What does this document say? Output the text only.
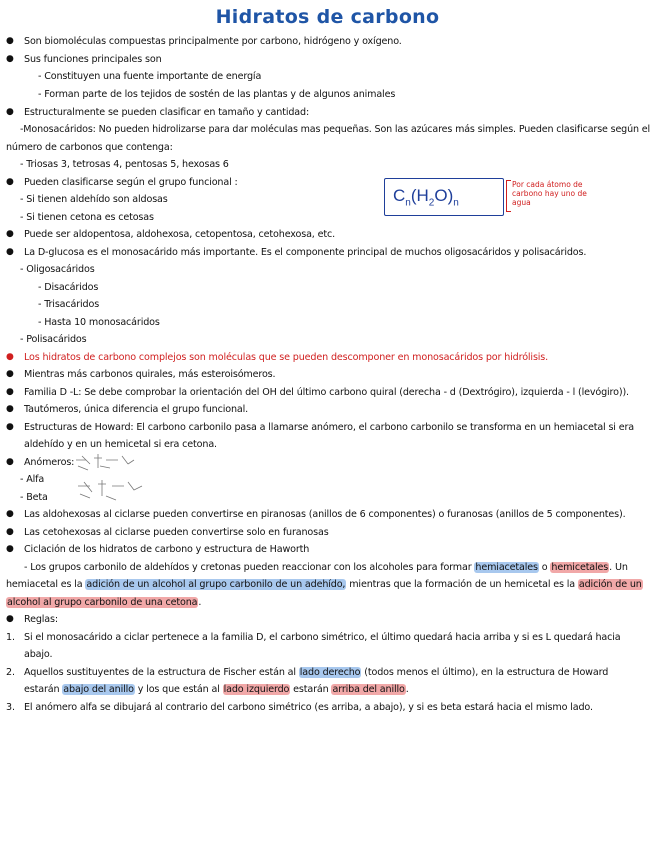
Hidratos de carbono
● Son biomoléculas compuestas principalmente por carbono, hidrógeno y oxígeno.
● Sus funciones principales son
- Constituyen una fuente importante de energía
- Forman parte de los tejidos de sostén de las plantas y de algunos animales
● Estructuralmente se pueden clasificar en tamaño y cantidad:
-Monosacáridos: No pueden hidrolizarse para dar moléculas mas pequeñas. Son las azúcares más simples. Pueden clasificarse según el
número de carbonos que contenga:
- Triosas 3, tetrosas 4, pentosas 5, hexosas 6
● Pueden clasificarse según el grupo funcional :
- Si tienen aldehído son aldosas
- Si tienen cetona es cetosas
$C_n(H_2O)_n$
Por cada átomo de carbono hay uno de agua
● Puede ser aldopentosa, aldohexosa, cetopentosa, cetohexosa, etc.
● La D-glucosa es el monosacárido más importante. Es el componente principal de muchos oligosacáridos y polisacáridos.
- Oligosacáridos
- Disacáridos
- Trisacáridos
- Hasta 10 monosacáridos
- Polisacáridos
● Los hidratos de carbono complejos son moléculas que se pueden descomponer en monosacáridos por hidrólisis.
● Mientras más carbonos quirales, más esteroisómeros.
● Familia D -L: Se debe comprobar la orientación del OH del último carbono quiral (derecha - d (Dextrógiro), izquierda - l (levógiro)).
● Tautómeros, única diferencia el grupo funcional.
● Estructuras de Howard: El carbono carbonilo pasa a llamarse anómero, el carbono carbonilo se transforma en un hemiacetal si era
aldehído y en un hemicetal si era cetona.
● Anómeros:
- Alfa
- Beta
● Las aldohexosas al ciclarse pueden convertirse en piranosas (anillos de 6 componentes) o furanosas (anillos de 5 componentes).
● Las cetohexosas al ciclarse pueden convertirse solo en furanosas
● Ciclación de los hidratos de carbono y estructura de Haworth
- Los grupos carbonilo de aldehídos y cretonas pueden reaccionar con los alcoholes para formar hemiacetales o hemicetales. Un
hemiacetal es la adición de un alcohol al grupo carbonilo de un adehído, mientras que la formación de un hemicetal es la adición de un
alcohol al grupo carbonilo de una cetona.
● Reglas:
1. Si el monosacárido a ciclar pertenece a la familia D, el carbono simétrico, el último quedará hacia arriba y si es L quedará hacia
abajo.
2. Aquellos sustituyentes de la estructura de Fischer están al lado derecho (todos menos el último), en la estructura de Howard
estarán abajo del anillo y los que están al lado izquierdo estarán arriba del anillo.
3. El anómero alfa se dibujará al contrario del carbono simétrico (es arriba, a abajo), y si es beta estará hacia el mismo lado.
